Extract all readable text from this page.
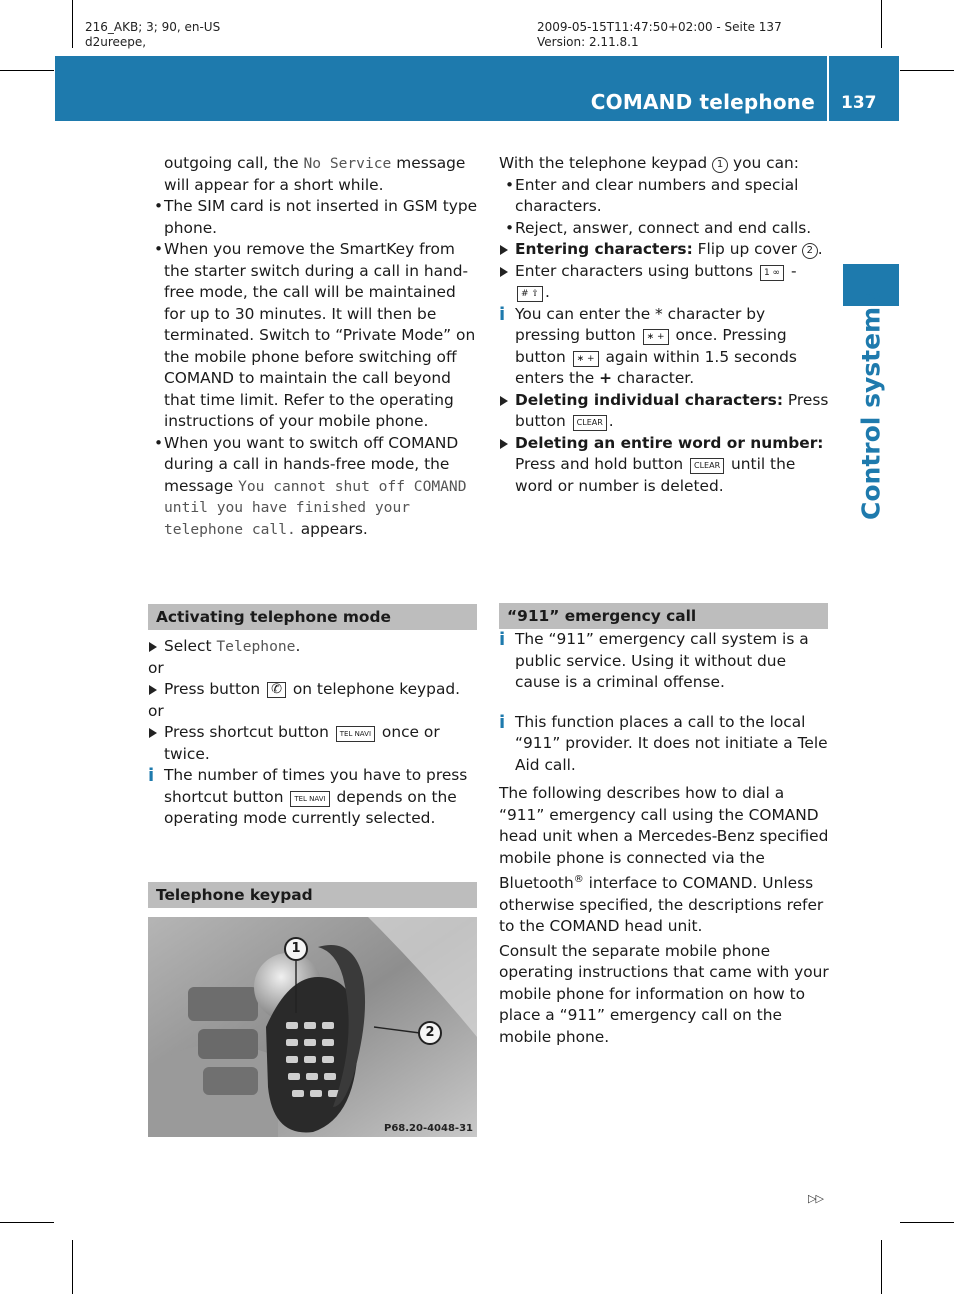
216_AKB; 3; 90, en-US
d2ureepe,
2009-05-15T11:47:50+02:00 - Seite 137
Version: 2.11.8.1
COMAND telephone 137
Control systems

outgoing call, the No Service message will appear for a short while.

• The SIM card is not inserted in GSM type phone.

• When you remove the SmartKey from the starter switch during a call in hand-free mode, the call will be maintained for up to 30 minutes. It will then be terminated. Switch to “Private Mode” on the mobile phone before switching off COMAND to maintain the call beyond that time limit. Refer to the operating instructions of your mobile phone.

• When you want to switch off COMAND during a call in hands-free mode, the message You cannot shut off COMAND until you have finished your telephone call. appears.

Activating telephone mode

Select Telephone.

or

Press button ✆ on telephone keypad.

or

Press shortcut button TEL NAVI once or twice.

i The number of times you have to press shortcut button TEL NAVI depends on the operating mode currently selected.

Telephone keypad
1
2
P68.20-4048-31

With the telephone keypad 1 you can:

• Enter and clear numbers and special characters.

• Reject, answer, connect and end calls.

Entering characters: Flip up cover 2 .

Enter characters using buttons 1 ∞ - # ⇧ .

i You can enter the * character by pressing button ∗ + once. Pressing button ∗ + again within 1.5 seconds enters the + character.

Deleting individual characters: Press button CLEAR .

Deleting an entire word or number: Press and hold button CLEAR until the word or number is deleted.

“911” emergency call

i The “911” emergency call system is a public service. Using it without due cause is a criminal offense.

i This function places a call to the local “911” provider. It does not initiate a Tele Aid call.

The following describes how to dial a “911” emergency call using the COMAND head unit when a Mercedes-Benz specified mobile phone is connected via the Bluetooth® interface to COMAND. Unless otherwise specified, the descriptions refer to the COMAND head unit.

Consult the separate mobile phone operating instructions that came with your mobile phone for information on how to place a “911” emergency call on the mobile phone.

▷▷
